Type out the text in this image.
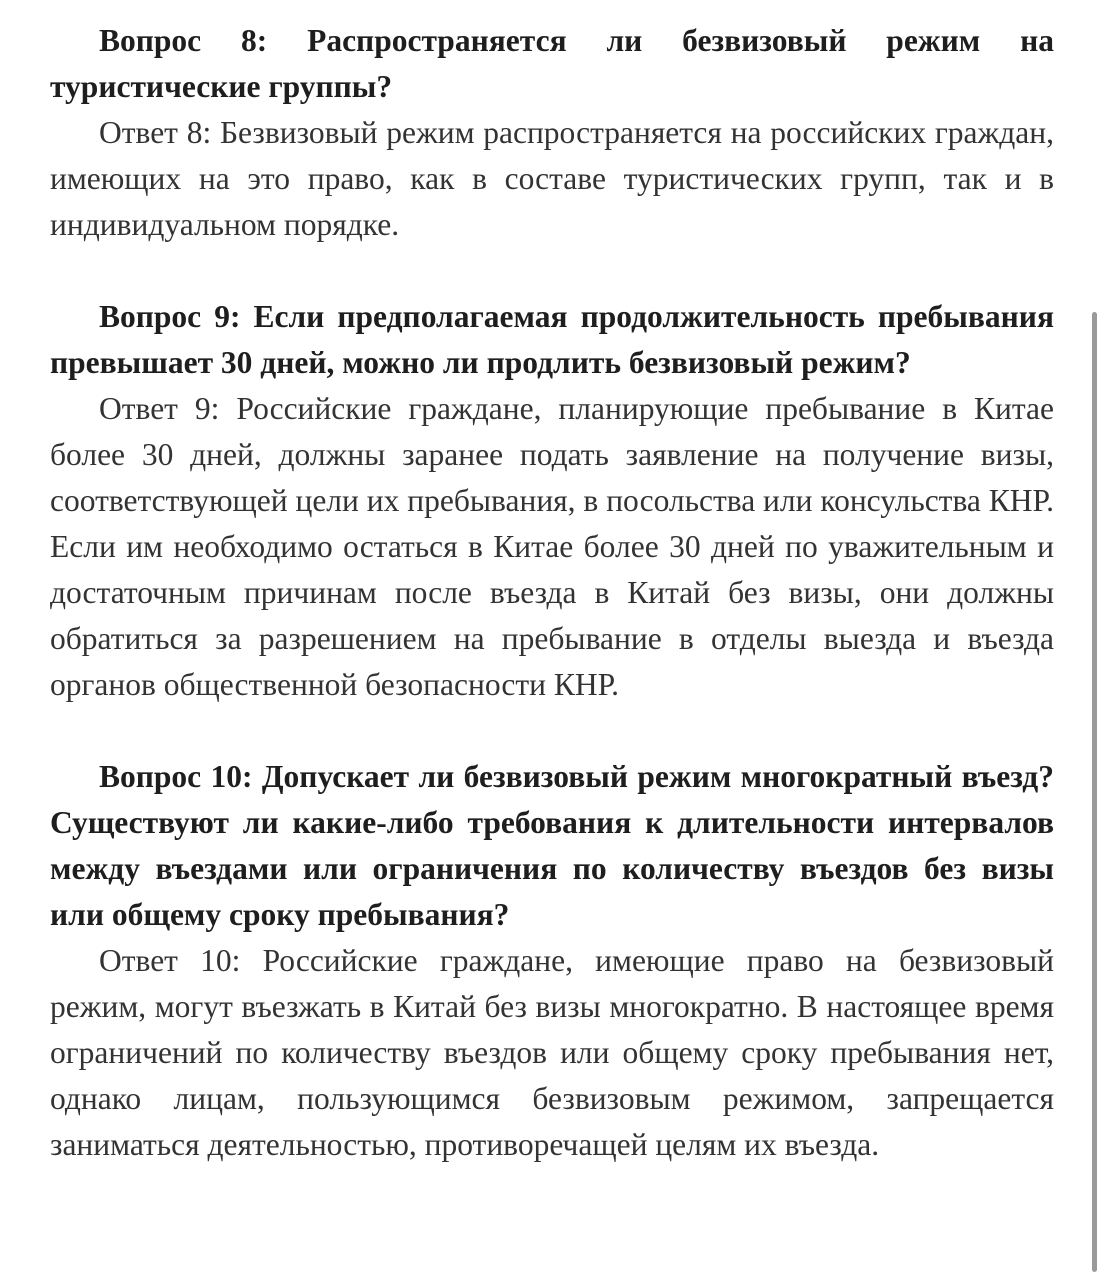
Вопрос 8: Распространяется ли безвизовый режим на туристические группы?

Ответ 8: Безвизовый режим распространяется на российских граждан, имеющих на это право, как в составе туристических групп, так и в индивидуальном порядке.

Вопрос 9: Если предполагаемая продолжительность пребывания превышает 30 дней, можно ли продлить безвизовый режим?

Ответ 9: Российские граждане, планирующие пребывание в Китае более 30 дней, должны заранее подать заявление на получение визы, соответствующей цели их пребывания, в посольства или консульства КНР. Если им необходимо остаться в Китае более 30 дней по уважительным и достаточным причинам после въезда в Китай без визы, они должны обратиться за разрешением на пребывание в отделы выезда и въезда органов общественной безопасности КНР.

Вопрос 10: Допускает ли безвизовый режим многократный въезд? Существуют ли какие-либо требования к длительности интервалов между въездами или ограничения по количеству въездов без визы или общему сроку пребывания?

Ответ 10: Российские граждане, имеющие право на безвизовый режим, могут въезжать в Китай без визы многократно. В настоящее время ограничений по количеству въездов или общему сроку пребывания нет, однако лицам, пользующимся безвизовым режимом, запрещается заниматься деятельностью, противоречащей целям их въезда.
